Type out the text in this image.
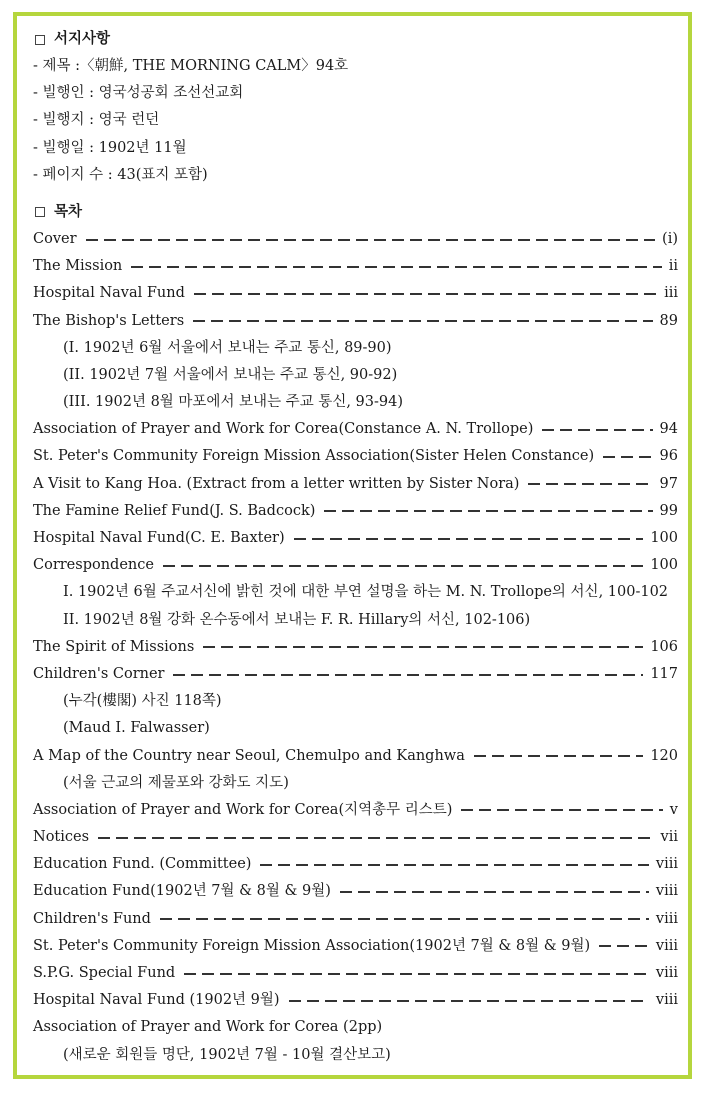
서지사항
- 제목 :〈朝鮮, THE MORNING CALM〉94호
- 빌행인 : 영국성공회 조선선교회
- 빌행지 : 영국 런던
- 빌행일 : 1902년 11월
- 페이지 수 : 43(표지 포함)
목차
Cover	(i)
The Mission	ii
Hospital Naval Fund	iii
The Bishop's Letters	89
(I. 1902년 6월 서울에서 보내는 주교 통신, 89-90)
(II. 1902년 7월 서울에서 보내는 주교 통신, 90-92)
(III. 1902년 8월 마포에서 보내는 주교 통신, 93-94)
Association of Prayer and Work for Corea(Constance A. N. Trollope)	94
St. Peter's Community Foreign Mission Association(Sister Helen Constance)	96
A Visit to Kang Hoa. (Extract from a letter written by Sister Nora)	97
The Famine Relief Fund(J. S. Badcock)	99
Hospital Naval Fund(C. E. Baxter)	100
Correspondence	100
I. 1902년 6월 주교서신에 밝힌 것에 대한 부연 설명을 하는 M. N. Trollope의 서신, 100-102
II. 1902년 8월 강화 온수동에서 보내는 F. R. Hillary의 서신, 102-106)
The Spirit of Missions	106
Children's Corner	117
(누각(樓閣) 사진 118쪽)
(Maud I. Falwasser)
A Map of the Country near Seoul, Chemulpo and Kanghwa	120
(서울 근교의 제물포와 강화도 지도)
Association of Prayer and Work for Corea(지역총무 리스트)	v
Notices	vii
Education Fund. (Committee)	viii
Education Fund(1902년 7월 & 8월 & 9월)	viii
Children's Fund	viii
St. Peter's Community Foreign Mission Association(1902년 7월 & 8월 & 9월)	viii
S.P.G. Special Fund	viii
Hospital Naval Fund (1902년 9월)	viii
Association of Prayer and Work for Corea (2pp)
(새로운 회원들 명단, 1902년 7월 - 10월 결산보고)
